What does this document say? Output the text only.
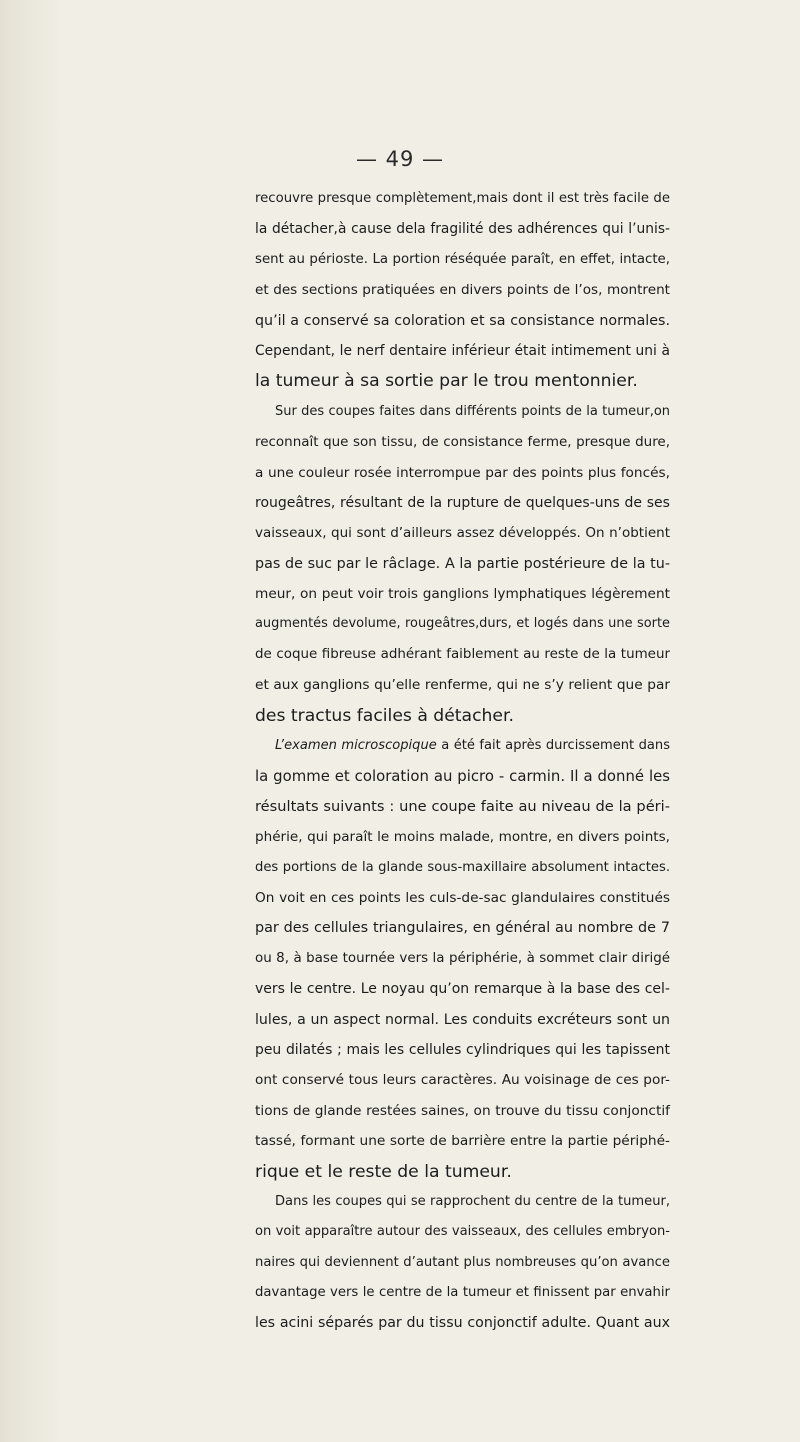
— 49 —
recouvre presque complètement,mais dont il est très facile de
la détacher,à cause dela fragilité des adhérences qui l’unis-
sent au périoste. La portion réséquée paraît, en effet, intacte,
et des sections pratiquées en divers points de l’os, montrent
qu’il a conservé sa coloration et sa consistance normales.
Cependant, le nerf dentaire inférieur était intimement uni à
la tumeur à sa sortie par le trou mentonnier.
Sur des coupes faites dans différents points de la tumeur,on
reconnaît que son tissu, de consistance ferme, presque dure,
a une couleur rosée interrompue par des points plus foncés,
rougeâtres, résultant de la rupture de quelques-uns de ses
vaisseaux, qui sont d’ailleurs assez développés. On n’obtient
pas de suc par le râclage. A la partie postérieure de la tu-
meur, on peut voir trois ganglions lymphatiques légèrement
augmentés devolume, rougeâtres,durs, et logés dans une sorte
de coque fibreuse adhérant faiblement au reste de la tumeur
et aux ganglions qu’elle renferme, qui ne s’y relient que par
des tractus faciles à détacher.
L’examen microscopique a été fait après durcissement dans
la gomme et coloration au picro - carmin. Il a donné les
résultats suivants : une coupe faite au niveau de la péri-
phérie, qui paraît le moins malade, montre, en divers points,
des portions de la glande sous-maxillaire absolument intactes.
On voit en ces points les culs-de-sac glandulaires constitués
par des cellules triangulaires, en général au nombre de 7
ou 8, à base tournée vers la périphérie, à sommet clair dirigé
vers le centre. Le noyau qu’on remarque à la base des cel-
lules, a un aspect normal. Les conduits excréteurs sont un
peu dilatés ; mais les cellules cylindriques qui les tapissent
ont conservé tous leurs caractères. Au voisinage de ces por-
tions de glande restées saines, on trouve du tissu conjonctif
tassé, formant une sorte de barrière entre la partie périphé-
rique et le reste de la tumeur.
Dans les coupes qui se rapprochent du centre de la tumeur,
on voit apparaître autour des vaisseaux, des cellules embryon-
naires qui deviennent d’autant plus nombreuses qu’on avance
davantage vers le centre de la tumeur et finissent par envahir
les acini séparés par du tissu conjonctif adulte. Quant aux
